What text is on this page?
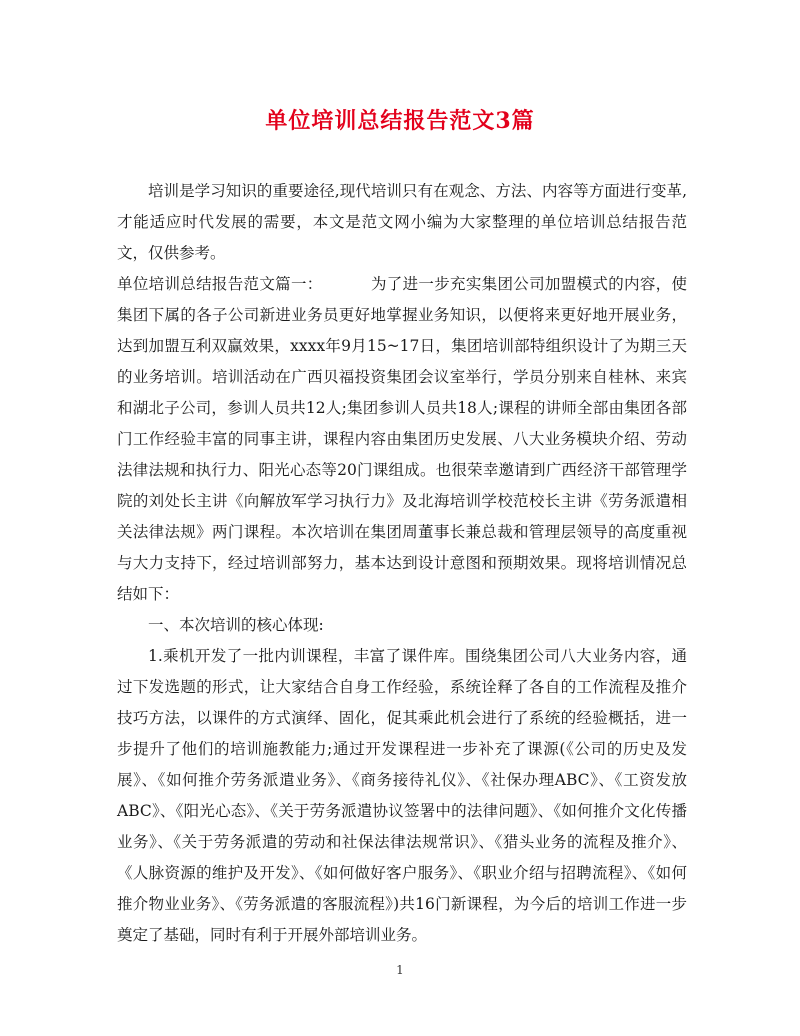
单位培训总结报告范文3篇

培训是学习知识的重要途径,现代培训只有在观念、方法、内容等方面进行变革,才能适应时代发展的需要，本文是范文网小编为大家整理的单位培训总结报告范文，仅供参考。

单位培训总结报告范文篇一：	为了进一步充实集团公司加盟模式的内容，使集团下属的各子公司新进业务员更好地掌握业务知识，以便将来更好地开展业务，达到加盟互利双赢效果，xxxx年9月15~17日，集团培训部特组织设计了为期三天的业务培训。培训活动在广西贝福投资集团会议室举行，学员分别来自桂林、来宾和湖北子公司，参训人员共12人;集团参训人员共18人;课程的讲师全部由集团各部门工作经验丰富的同事主讲，课程内容由集团历史发展、八大业务模块介绍、劳动法律法规和执行力、阳光心态等20门课组成。也很荣幸邀请到广西经济干部管理学院的刘处长主讲《向解放军学习执行力》及北海培训学校范校长主讲《劳务派遣相关法律法规》两门课程。本次培训在集团周董事长兼总裁和管理层领导的高度重视与大力支持下，经过培训部努力，基本达到设计意图和预期效果。现将培训情况总结如下：

一、本次培训的核心体现:

1.乘机开发了一批内训课程，丰富了课件库。围绕集团公司八大业务内容，通过下发选题的形式，让大家结合自身工作经验，系统诠释了各自的工作流程及推介技巧方法，以课件的方式演绎、固化，促其乘此机会进行了系统的经验概括，进一步提升了他们的培训施教能力;通过开发课程进一步补充了课源(《公司的历史及发展》、《如何推介劳务派遣业务》、《商务接待礼仪》、《社保办理ABC》、《工资发放ABC》、《阳光心态》、《关于劳务派遣协议签署中的法律问题》、《如何推介文化传播业务》、《关于劳务派遣的劳动和社保法律法规常识》、《猎头业务的流程及推介》、《人脉资源的维护及开发》、《如何做好客户服务》、《职业介绍与招聘流程》、《如何推介物业业务》、《劳务派遣的客服流程》)共16门新课程，为今后的培训工作进一步奠定了基础，同时有利于开展外部培训业务。

1
